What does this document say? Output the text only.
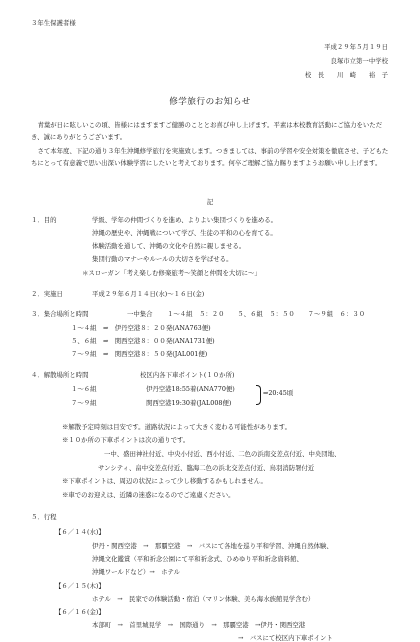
３年生保護者様
平成２９年５月１９日
良塚市立第一中学校
校　長　　川　崎　　裕　子
修学旅行のお知らせ
青葉が日に眩しいこの頃、皆様にはますますご健勝のこととお喜び申し上げます。平素は本校教育活動にご協力をいただき、誠にありがとうございます。
さて本年度、下記の通り３年生沖縄修学旅行を実施致します。つきましては、事前の学習や安全対策を徹底させ、子どもたちにとって有意義で思い出深い体験学習にしたいと考えております。何卒ご理解ご協力賜りますようお願い申し上げます。
記
１．目的	学級、学年の仲間づくりを進め、よりよい集団づくりを進める。
沖縄の歴史や、沖縄戦について学び、生徒の平和の心を育てる。
体験活動を通して、沖縄の文化や自然に親しませる。
集団行動のマナーやルールの大切さを学ばせる。
＊スローガン「考え楽しむ修楽旅考～笑顔と仲間を大切に～」
２．実施日	平成２９年６月１４日(水)～１６日(金)
３．集合場所と時間	一中集合 １～４組　５：２０　　５、６組　５：５０　　７～９組　６：３０
１～４組　⇒　伊丹空港８：２０発(ANA763便)
５、６組　⇒　関西空港８：００発(ANA1731便)
７～９組　⇒　関西空港８：５０発(JAL001便)
４．解散場所と時間	校区内各下車ポイント(１０か所)
１～６組	伊丹空港18:55着(ANA770便)
７～９組	関西空港19:30着(JAL008便)
⇒20:45頃
※解散予定時刻は目安です。道路状況によって大きく変わる可能性があります。
※１０か所の下車ポイントは次の通りです。
一中、盛田神社付近、中央小付近、西小付近、二色の浜南交差点付近、中央団地、
サンシティ、畠中交差点付近、臨海二色の浜北交差点付近、鳥羽消防署付近
※下車ポイントは、周辺の状況によって少し移動するかもしれません。
※車でのお迎えは、近隣の迷惑になるのでご遠慮ください。
５．行程
【６／１４(水)】
伊丹・関西空港　→　那覇空港　→　バスにて各地を巡り平和学習、沖縄自然体験、
沖縄文化鑑賞（平和祈念公園にて平和祈念式、ひめゆり平和祈念資料館、
沖縄ワールドなど）→　ホテル
【６／１５(木)】
ホテル　→　民家での体験活動・宿泊（マリン体験、美ら海水族館見学含む）
【６／１６(金)】
本部町　→　首里城見学　→　国際通り　→　那覇空港　→伊丹・関西空港
→　バスにて校区内下車ポイント
